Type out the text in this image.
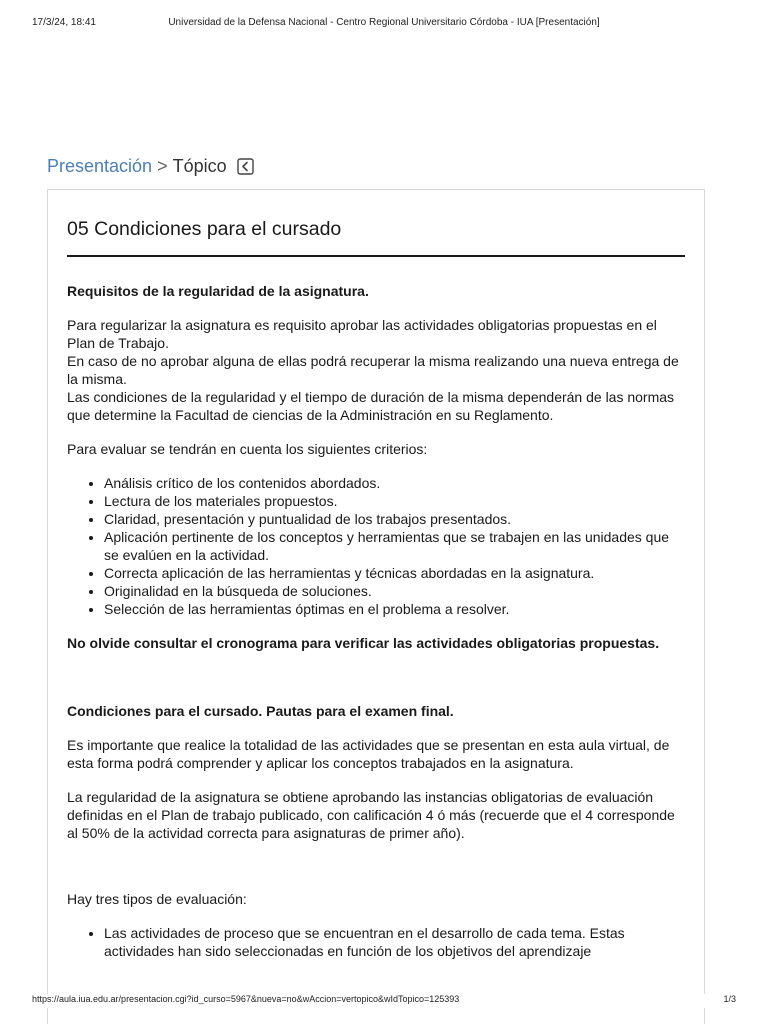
17/3/24, 18:41	Universidad de la Defensa Nacional - Centro Regional Universitario Córdoba - IUA [Presentación]
Presentación > Tópico
05 Condiciones para el cursado

Requisitos de la regularidad de la asignatura.

Para regularizar la asignatura es requisito aprobar las actividades obligatorias propuestas en el Plan de Trabajo.
En caso de no aprobar alguna de ellas podrá recuperar la misma realizando una nueva entrega de la misma.
Las condiciones de la regularidad y el tiempo de duración de la misma dependerán de las normas que determine la Facultad de ciencias de la Administración en su Reglamento.

Para evaluar se tendrán en cuenta los siguientes criterios:

• Análisis crítico de los contenidos abordados.
• Lectura de los materiales propuestos.
• Claridad, presentación y puntualidad de los trabajos presentados.
• Aplicación pertinente de los conceptos y herramientas que se trabajen en las unidades que se evalúen en la actividad.
• Correcta aplicación de las herramientas y técnicas abordadas en la asignatura.
• Originalidad en la búsqueda de soluciones.
• Selección de las herramientas óptimas en el problema a resolver.

No olvide consultar el cronograma para verificar las actividades obligatorias propuestas.

Condiciones para el cursado. Pautas para el examen final.

Es importante que realice la totalidad de las actividades que se presentan en esta aula virtual, de esta forma podrá comprender y aplicar los conceptos trabajados en la asignatura.

La regularidad de la asignatura se obtiene aprobando las instancias obligatorias de evaluación definidas en el Plan de trabajo publicado, con calificación 4 ó más (recuerde que el 4 corresponde al 50% de la actividad correcta para asignaturas de primer año).

Hay tres tipos de evaluación:

• Las actividades de proceso que se encuentran en el desarrollo de cada tema. Estas actividades han sido seleccionadas en función de los objetivos del aprendizaje
https://aula.iua.edu.ar/presentacion.cgi?id_curso=5967&nueva=no&wAccion=vertopico&wIdTopico=125393	1/3
